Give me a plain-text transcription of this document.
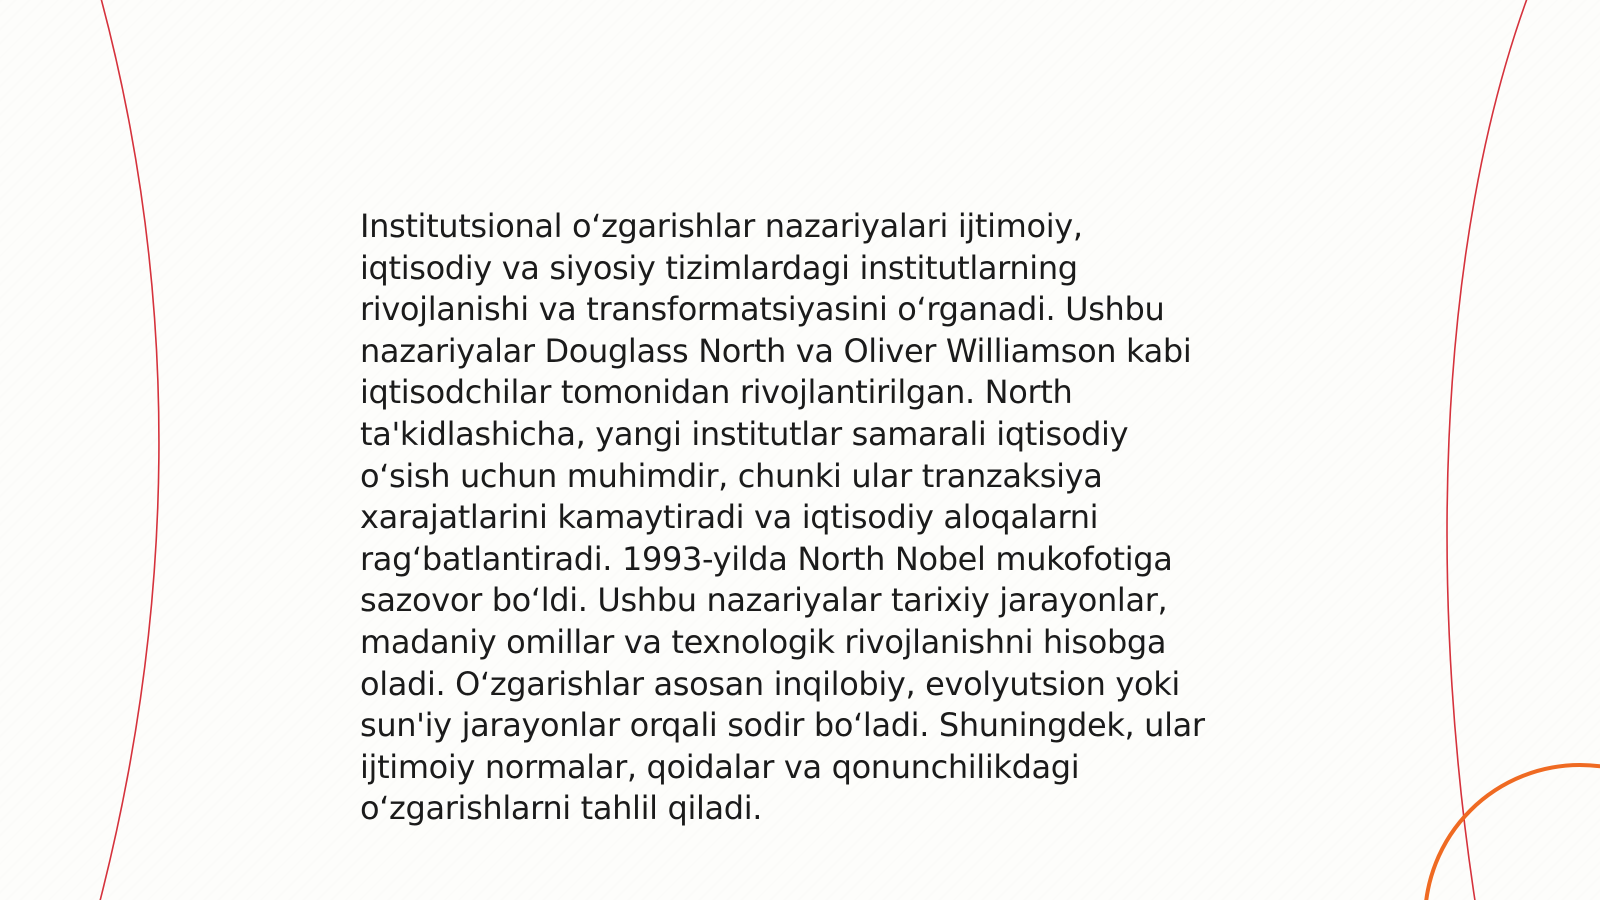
Institutsional oʻzgarishlar nazariyalari ijtimoiy,
iqtisodiy va siyosiy tizimlardagi institutlarning
rivojlanishi va transformatsiyasini oʻrganadi. Ushbu
nazariyalar Douglass North va Oliver Williamson kabi
iqtisodchilar tomonidan rivojlantirilgan. North
ta'kidlashicha, yangi institutlar samarali iqtisodiy
oʻsish uchun muhimdir, chunki ular tranzaksiya
xarajatlarini kamaytiradi va iqtisodiy aloqalarni
ragʻbatlantiradi. 1993-yilda North Nobel mukofotiga
sazovor boʻldi. Ushbu nazariyalar tarixiy jarayonlar,
madaniy omillar va texnologik rivojlanishni hisobga
oladi. Oʻzgarishlar asosan inqilobiy, evolyutsion yoki
sun'iy jarayonlar orqali sodir boʻladi. Shuningdek, ular
ijtimoiy normalar, qoidalar va qonunchilikdagi
oʻzgarishlarni tahlil qiladi.
